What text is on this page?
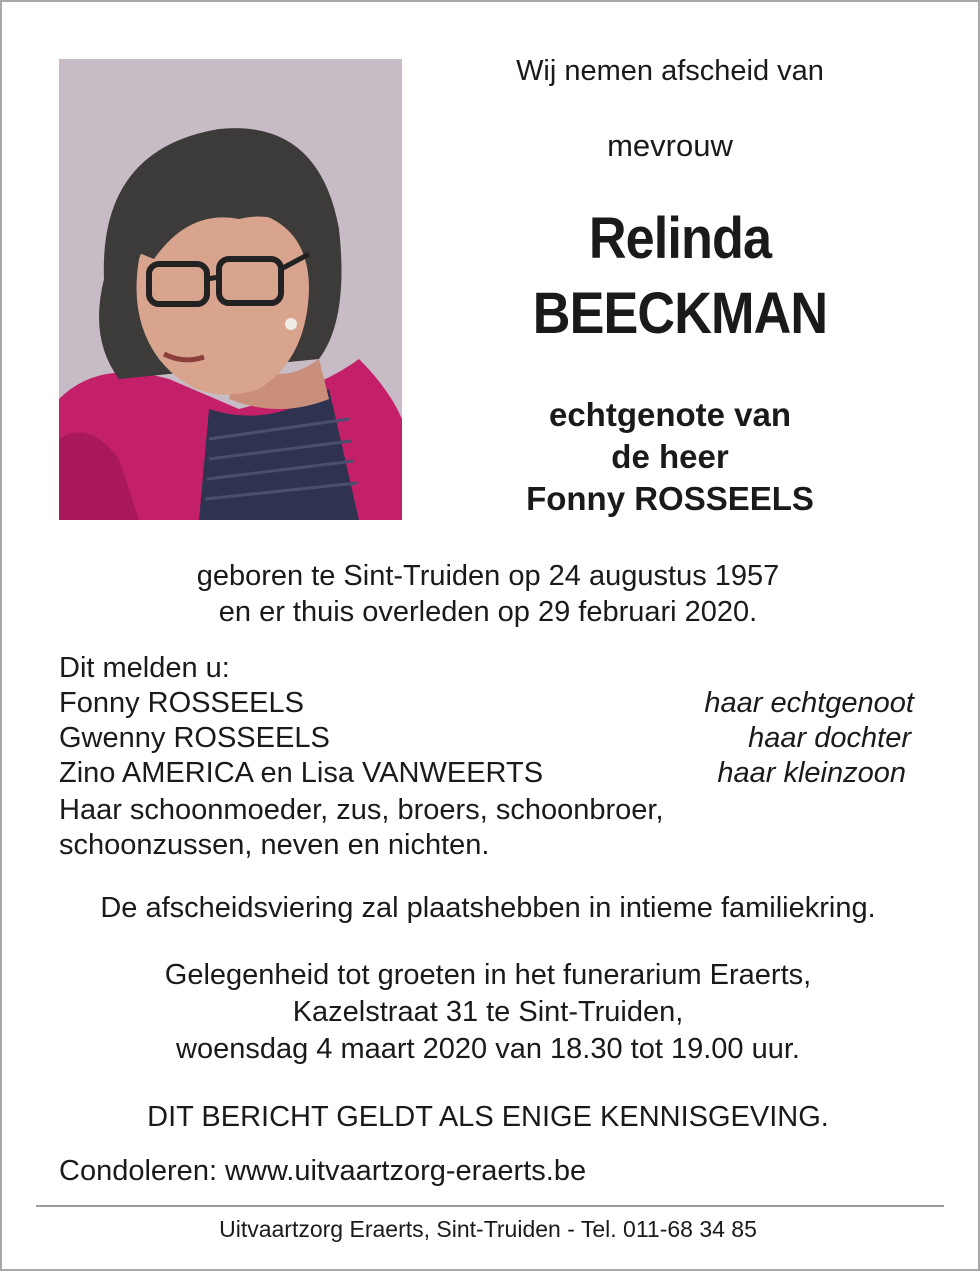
Wij nemen afscheid van
mevrouw
Relinda
BEECKMAN
echtgenote van
de heer
Fonny ROSSEELS
geboren te Sint-Truiden op 24 augustus 1957
en er thuis overleden op 29 februari 2020.
Dit melden u:
Fonny ROSSEELS	haar echtgenoot
Gwenny ROSSEELS	haar dochter
Zino AMERICA en Lisa VANWEERTS	haar kleinzoon
Haar schoonmoeder, zus, broers, schoonbroer,
schoonzussen, neven en nichten.
De afscheidsviering zal plaatshebben in intieme familiekring.
Gelegenheid tot groeten in het funerarium Eraerts,
Kazelstraat 31 te Sint-Truiden,
woensdag 4 maart 2020 van 18.30 tot 19.00 uur.
DIT BERICHT GELDT ALS ENIGE KENNISGEVING.
Condoleren: www.uitvaartzorg-eraerts.be
Uitvaartzorg Eraerts, Sint-Truiden - Tel. 011-68 34 85
